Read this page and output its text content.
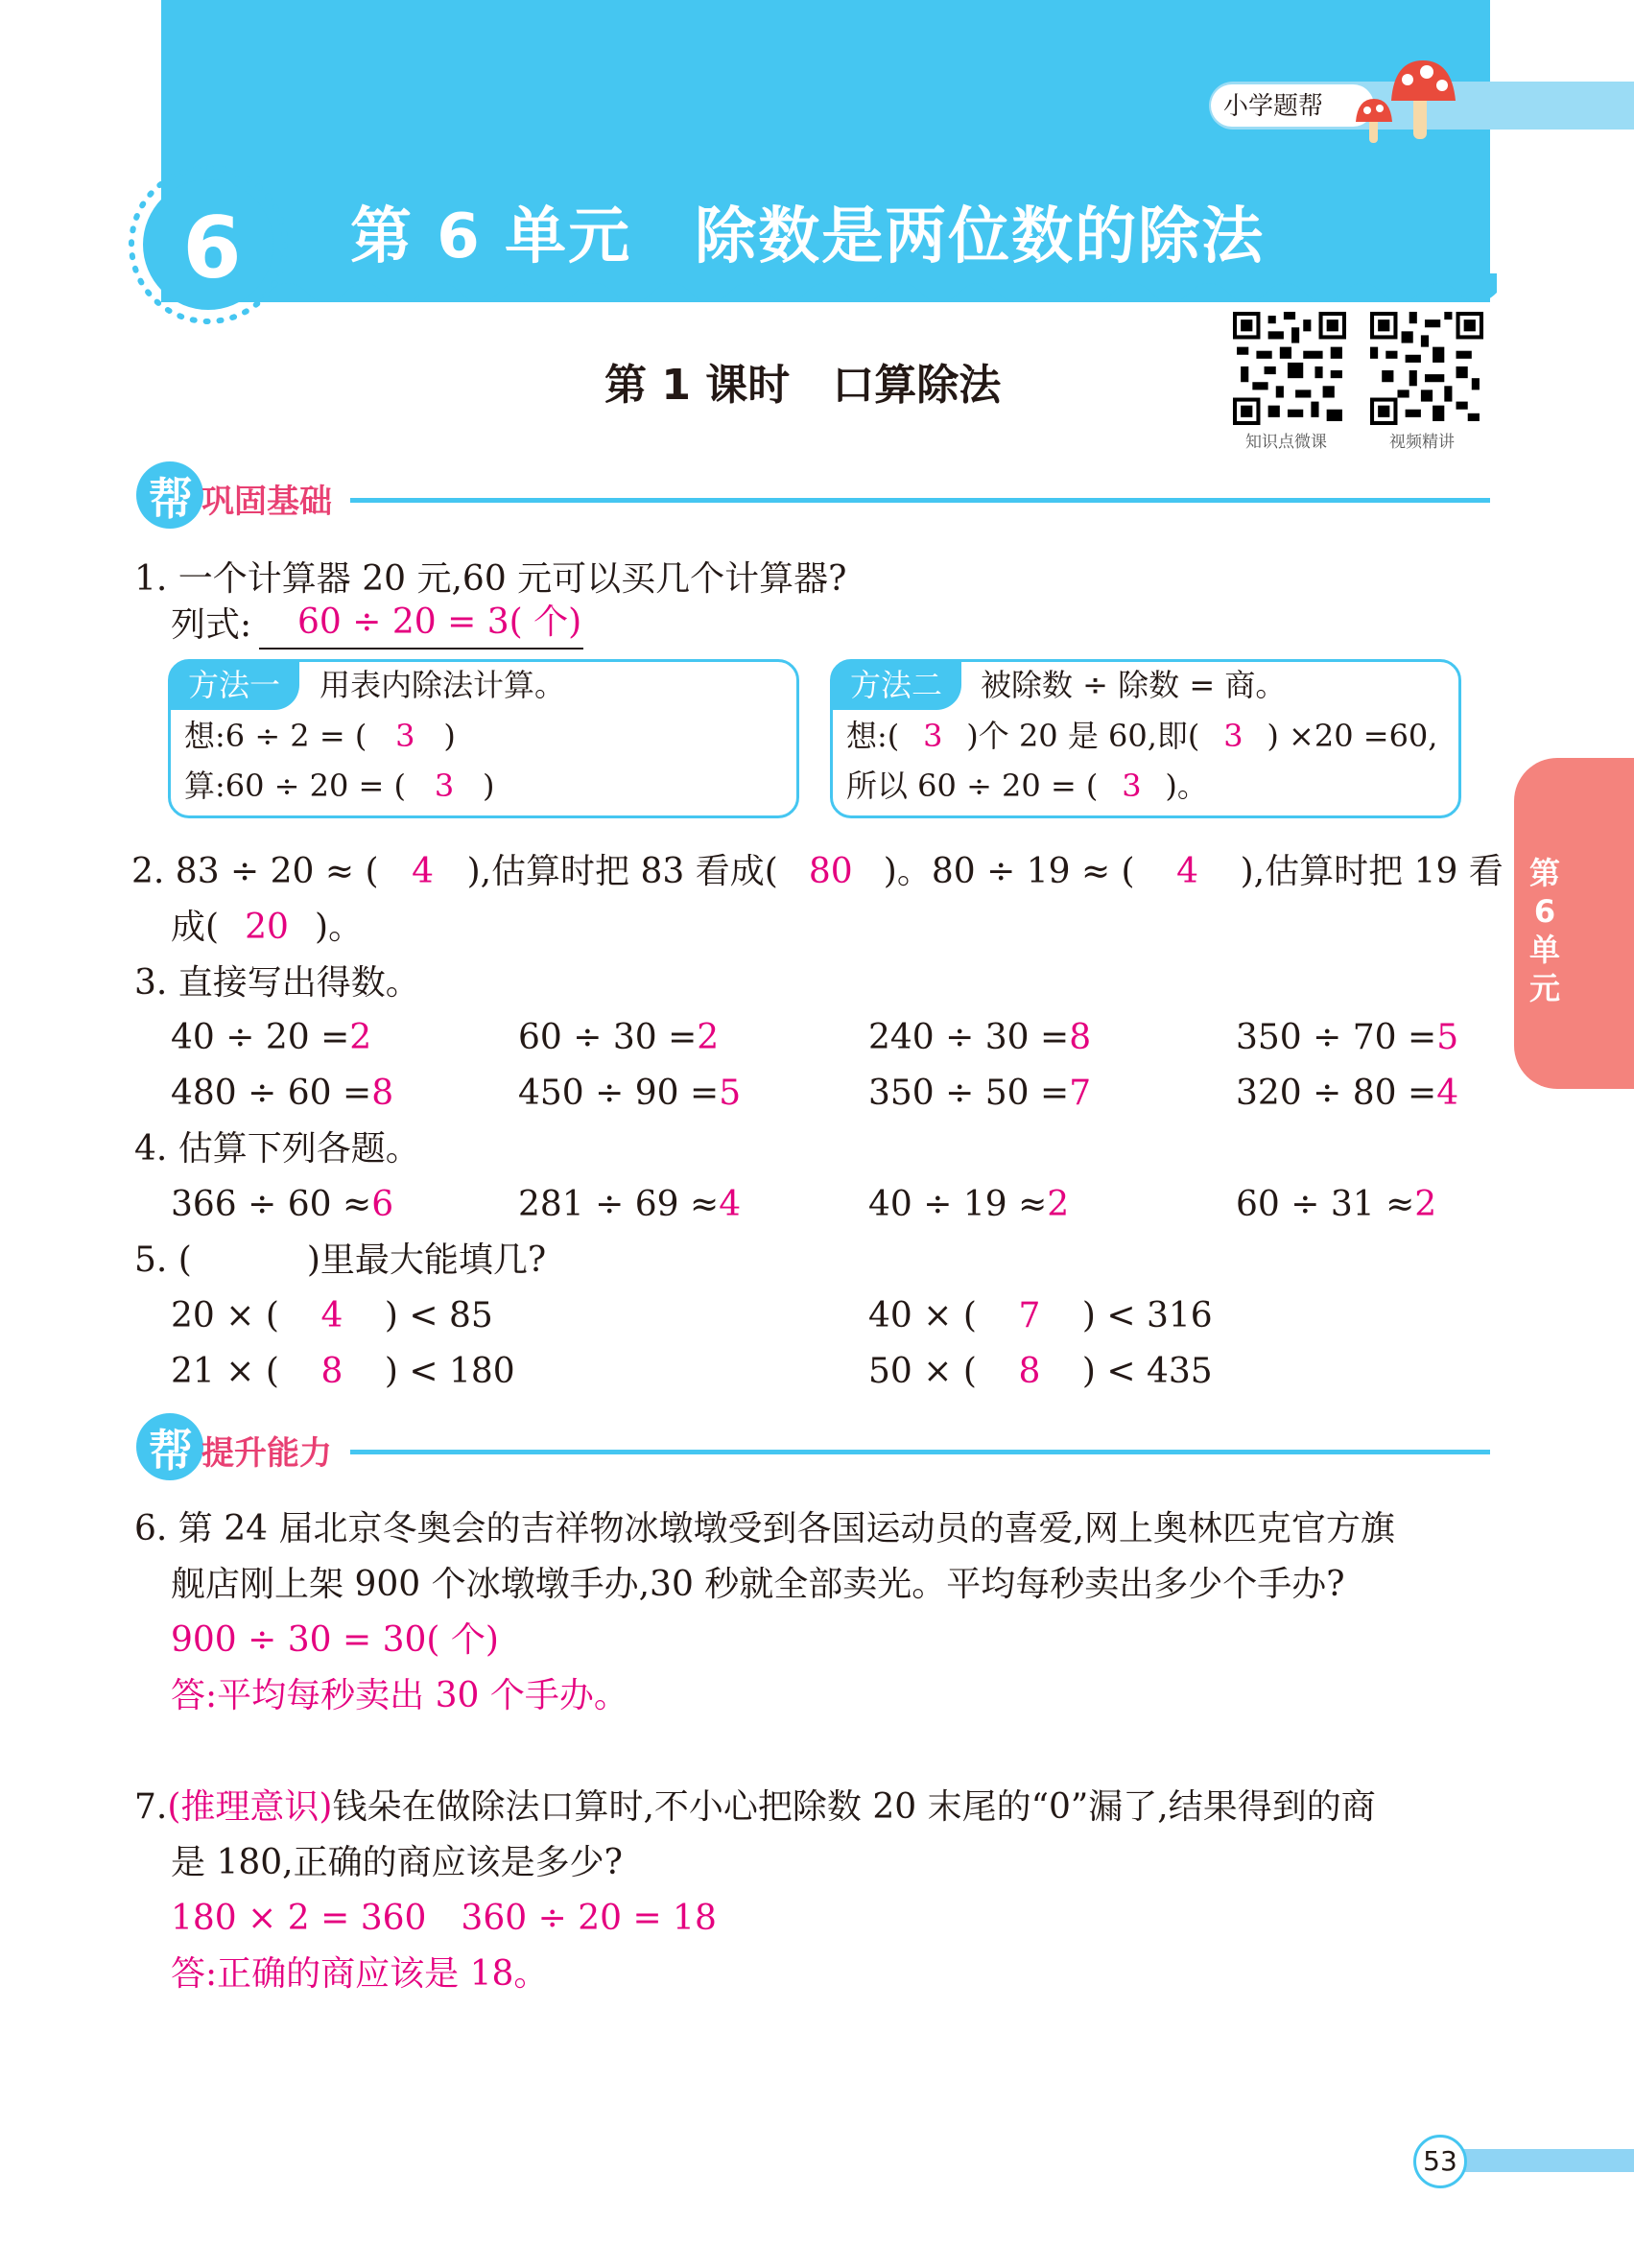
6	第 6 单元　除数是两位数的除法
小学题帮
第 1 课时　口算除法
知识点微课	视频精讲
帮 巩固基础
1. 一个计算器 20 元,60 元可以买几个计算器?
列式:	60 ÷ 20 = 3( 个)
方法一	用表内除法计算。
想:6 ÷ 2 = ( 3 )
算:60 ÷ 20 = ( 3 )
方法二	被除数 ÷ 除数 = 商。
想:( 3 )个 20 是 60,即( 3 ) ×20 =60,
所以 60 ÷ 20 = ( 3 )。
2. 83 ÷ 20 ≈ ( 4 ),估算时把 83 看成( 80 )。80 ÷ 19 ≈ ( 4 ),估算时把 19 看
成( 20 )。
3. 直接写出得数。
40 ÷ 20 =2	60 ÷ 30 =2	240 ÷ 30 =8	350 ÷ 70 =5
480 ÷ 60 =8	450 ÷ 90 =5	350 ÷ 50 =7	320 ÷ 80 =4
4. 估算下列各题。
366 ÷ 60 ≈6	281 ÷ 69 ≈4	40 ÷ 19 ≈2	60 ÷ 31 ≈2
5. (	)里最大能填几?
20 × ( 4 ) < 85	40 × ( 7 ) < 316
21 × ( 8 ) < 180	50 × ( 8 ) < 435
帮 提升能力
6. 第 24 届北京冬奥会的吉祥物冰墩墩受到各国运动员的喜爱,网上奥林匹克官方旗
舰店刚上架 900 个冰墩墩手办,30 秒就全部卖光。平均每秒卖出多少个手办?
900 ÷ 30 = 30( 个)
答:平均每秒卖出 30 个手办。
7.(推理意识)钱朵在做除法口算时,不小心把除数 20 末尾的“0”漏了,结果得到的商
是 180,正确的商应该是多少?
180 × 2 = 360　360 ÷ 20 = 18
答:正确的商应该是 18。
第6单元
53
